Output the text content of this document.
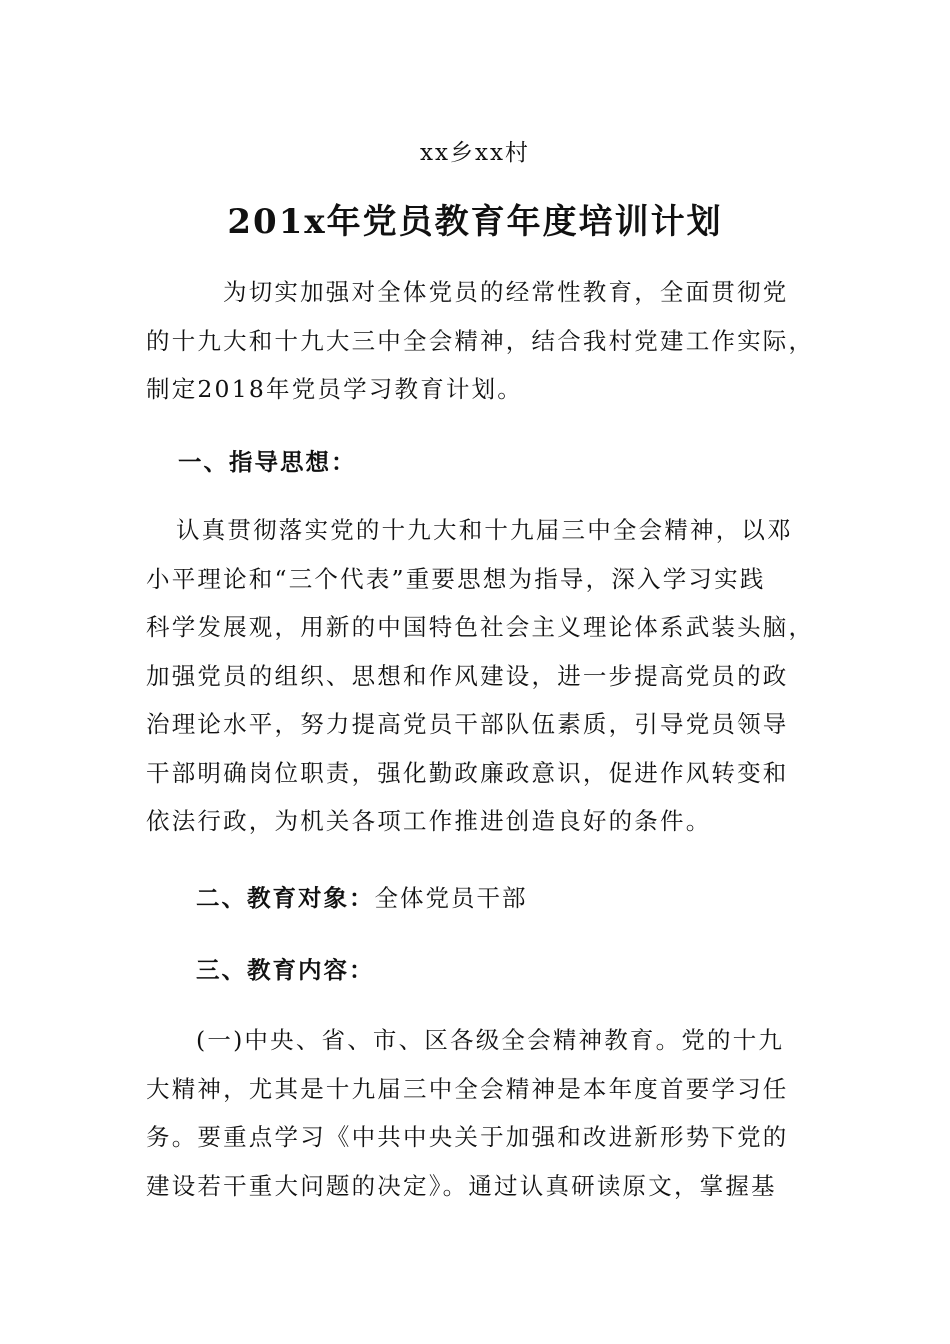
xx乡xx村
201x年党员教育年度培训计划
为切实加强对全体党员的经常性教育，全面贯彻党
的十九大和十九大三中全会精神，结合我村党建工作实际，
制定2018年党员学习教育计划。
一、指导思想：
认真贯彻落实党的十九大和十九届三中全会精神，以邓
小平理论和“三个代表”重要思想为指导，深入学习实践
科学发展观，用新的中国特色社会主义理论体系武装头脑，
加强党员的组织、思想和作风建设，进一步提高党员的政
治理论水平，努力提高党员干部队伍素质，引导党员领导
干部明确岗位职责，强化勤政廉政意识，促进作风转变和
依法行政，为机关各项工作推进创造良好的条件。
二、教育对象：全体党员干部
三、教育内容：
(一)中央、省、市、区各级全会精神教育。党的十九
大精神，尤其是十九届三中全会精神是本年度首要学习任
务。要重点学习《中共中央关于加强和改进新形势下党的
建设若干重大问题的决定》。通过认真研读原文，掌握基
